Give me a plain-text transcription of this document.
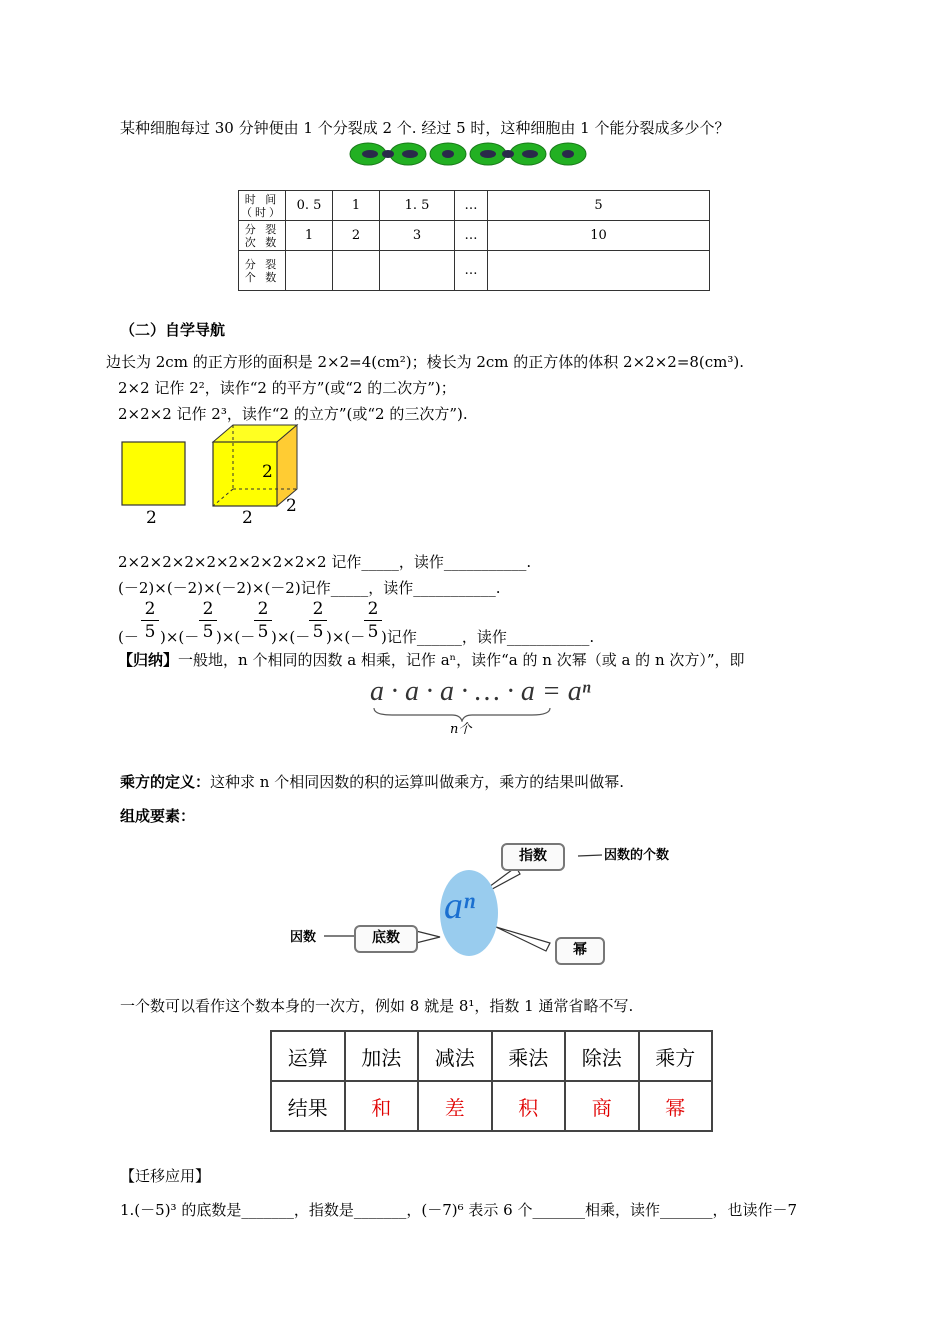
某种细胞每过 30 分钟便由 1 个分裂成 2 个. 经过 5 时，这种细胞由 1 个能分裂成多少个？
时 间（时）	0. 5	1	1. 5	…	5
分 裂 次 数	1	2	3	…	10
分 裂 个 数				…	
（二）自学导航
边长为 2cm 的正方形的面积是 2×2=4(cm²)；棱长为 2cm 的正方体的体积 2×2×2=8(cm³).
2×2 记作 2²，读作“2 的平方”(或“2 的二次方”)；
2×2×2 记作 2³，读作“2 的立方”(或“2 的三次方”).
2	2
2
2
2×2×2×2×2×2×2×2×2×2 记作_____，读作___________.
(－2)×(－2)×(－2)×(－2)记作_____，读作___________.
2
5
2
5
2
5
2
5
2
5
(－ )×(－ )×(－ )×(－ )×(－ )记作______，读作___________.
【归纳】一般地，n 个相同的因数 a 相乘，记作 aⁿ，读作“a 的 n 次幂（或 a 的 n 次方）”，即
a · a · a · … · a = aⁿ
n个
乘方的定义：这种求 n 个相同因数的积的运算叫做乘方，乘方的结果叫做幂.
组成要素：
aⁿ
指数	因数的个数
底数
因数
幂
一个数可以看作这个数本身的一次方，例如 8 就是 8¹，指数 1 通常省略不写.
运算	加法	减法	乘法	除法	乘方
结果	和	差	积	商	幂
【迁移应用】
1.(－5)³ 的底数是_______，指数是_______，(－7)⁶ 表示 6 个_______相乘，读作_______，也读作－7
